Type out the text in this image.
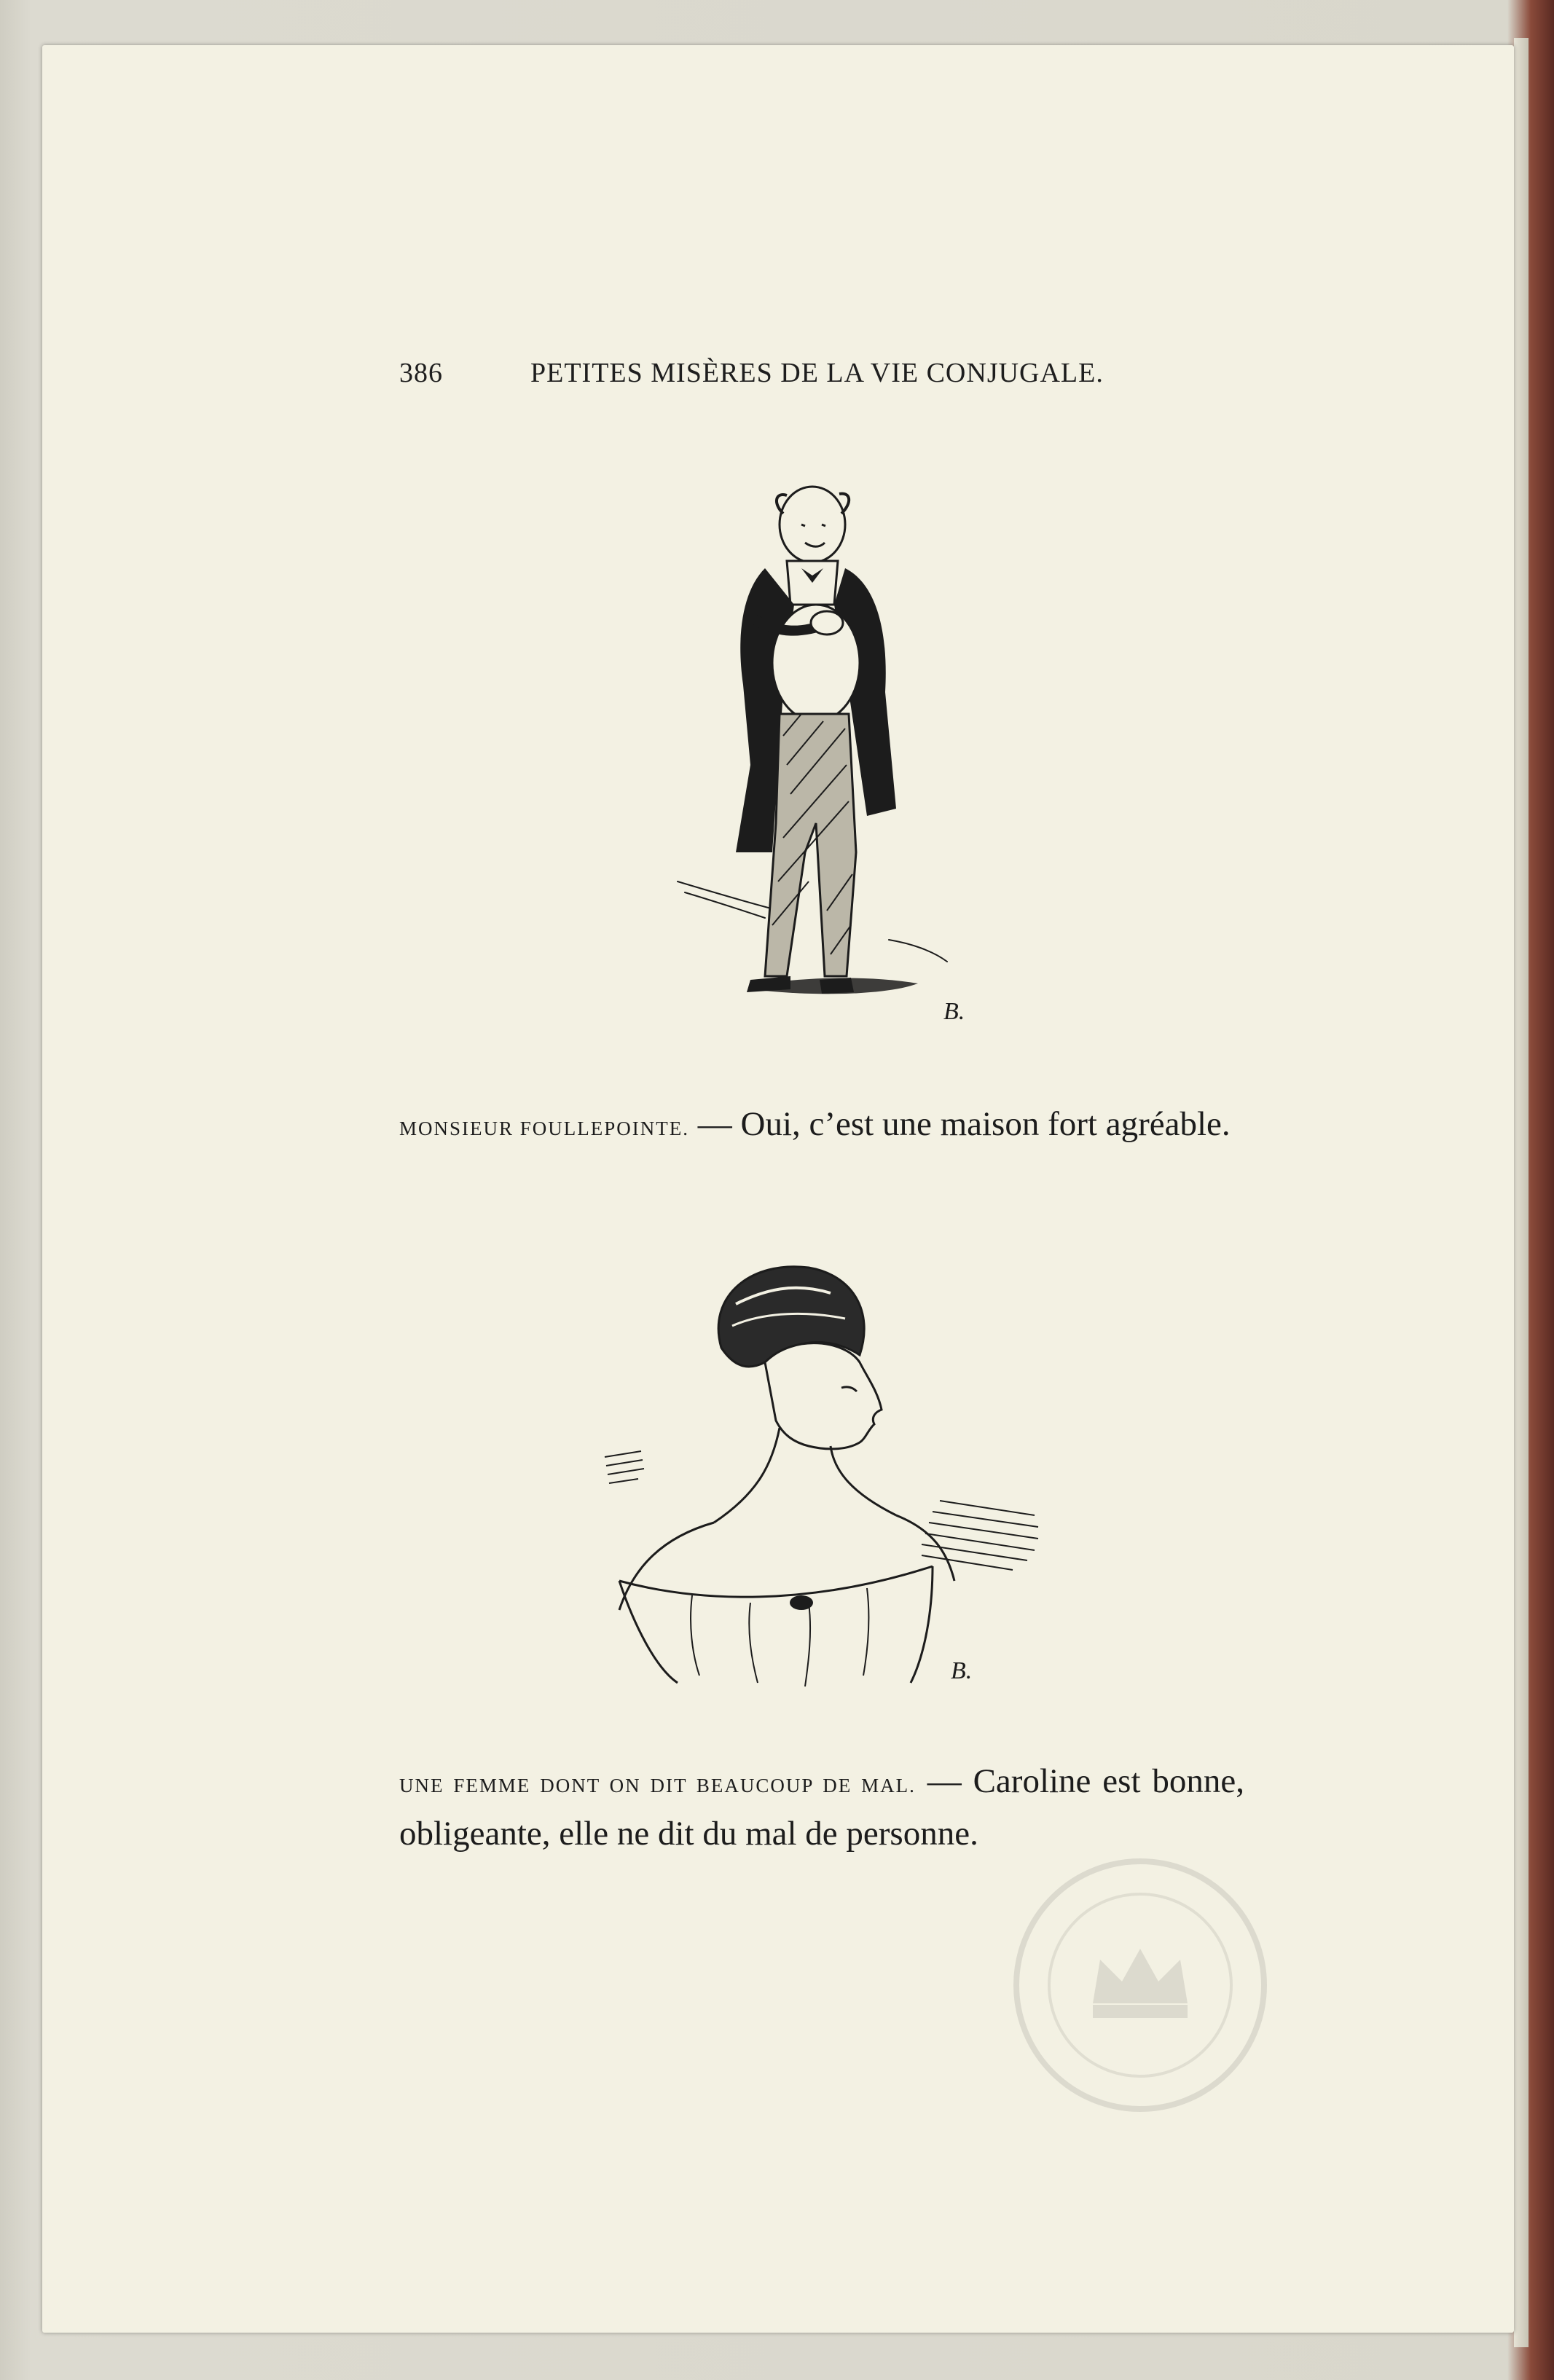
386	PETITES MISÈRES DE LA VIE CONJUGALE.
B.
MONSIEUR FOULLEPOINTE. — Oui, c’est une maison fort agréable.
B.
UNE FEMME DONT ON DIT BEAUCOUP DE MAL. — Caroline est bonne, obligeante, elle ne dit du mal de personne.
